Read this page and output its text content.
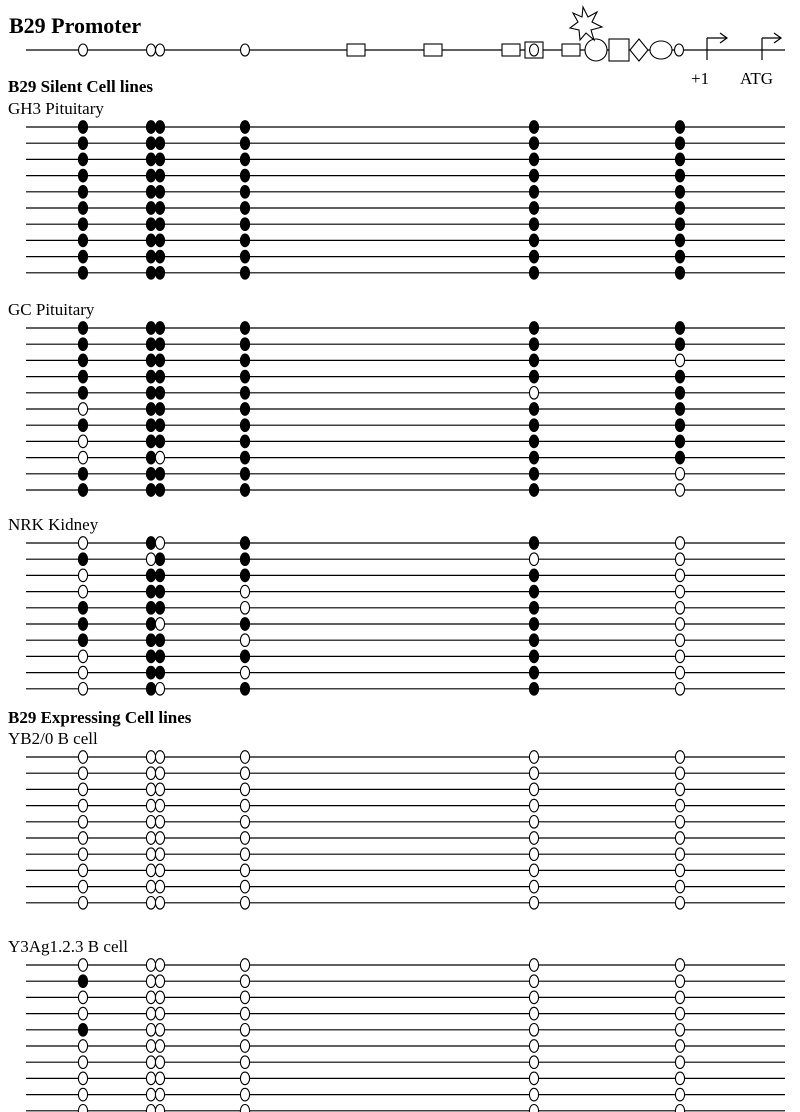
B29 Promoter
+1 ATG
B29 Silent Cell lines
GH3 Pituitary
GC Pituitary
NRK Kidney
B29 Expressing Cell lines
YB2/0 B cell
Y3Ag1.2.3 B cell
